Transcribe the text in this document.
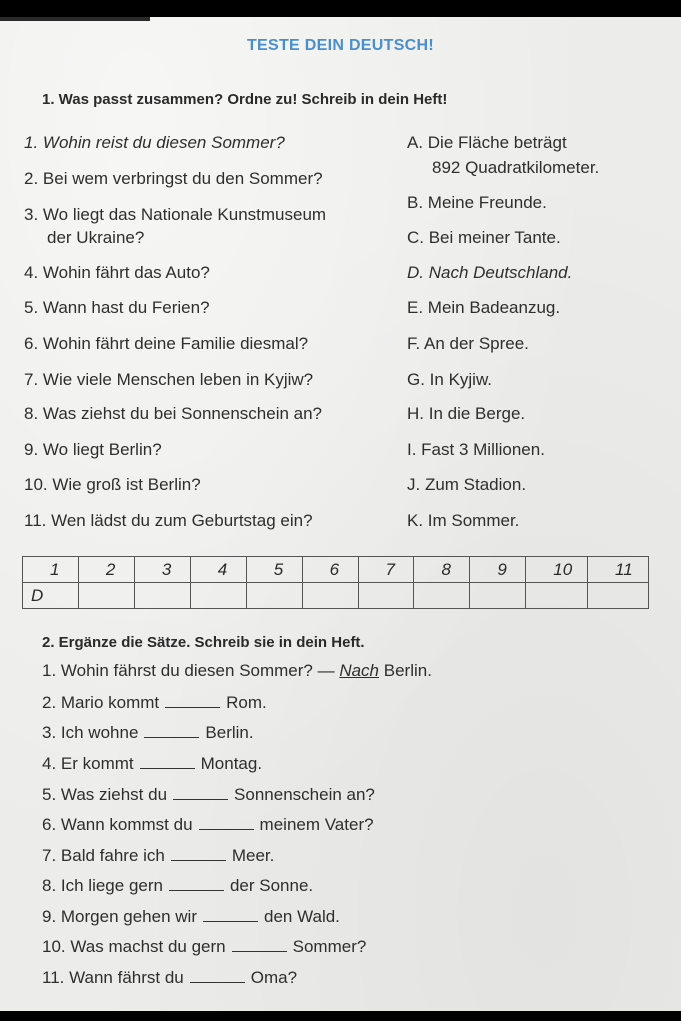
TESTE DEIN DEUTSCH!
1. Was passt zusammen? Ordne zu! Schreib in dein Heft!
1. Wohin reist du diesen Sommer?
2. Bei wem verbringst du den Sommer?
3. Wo liegt das Nationale Kunstmuseum
der Ukraine?
4. Wohin fährt das Auto?
5. Wann hast du Ferien?
6. Wohin fährt deine Familie diesmal?
7. Wie viele Menschen leben in Kyjiw?
8. Was ziehst du bei Sonnenschein an?
9. Wo liegt Berlin?
10. Wie groß ist Berlin?
11. Wen lädst du zum Geburtstag ein?
A. Die Fläche beträgt
892 Quadratkilometer.
B. Meine Freunde.
C. Bei meiner Tante.
D. Nach Deutschland.
E. Mein Badeanzug.
F. An der Spree.
G. In Kyjiw.
H. In die Berge.
I. Fast 3 Millionen.
J. Zum Stadion.
K. Im Sommer.
1	2	3	4	5	6	7	8	9	10	11
D										
2. Ergänze die Sätze. Schreib sie in dein Heft.
1. Wohin fährst du diesen Sommer? — Nach Berlin.
2. Mario kommt	Rom.
3. Ich wohne	Berlin.
4. Er kommt	Montag.
5. Was ziehst du	Sonnenschein an?
6. Wann kommst du	meinem Vater?
7. Bald fahre ich	Meer.
8. Ich liege gern	der Sonne.
9. Morgen gehen wir	den Wald.
10. Was machst du gern	Sommer?
11. Wann fährst du	Oma?
